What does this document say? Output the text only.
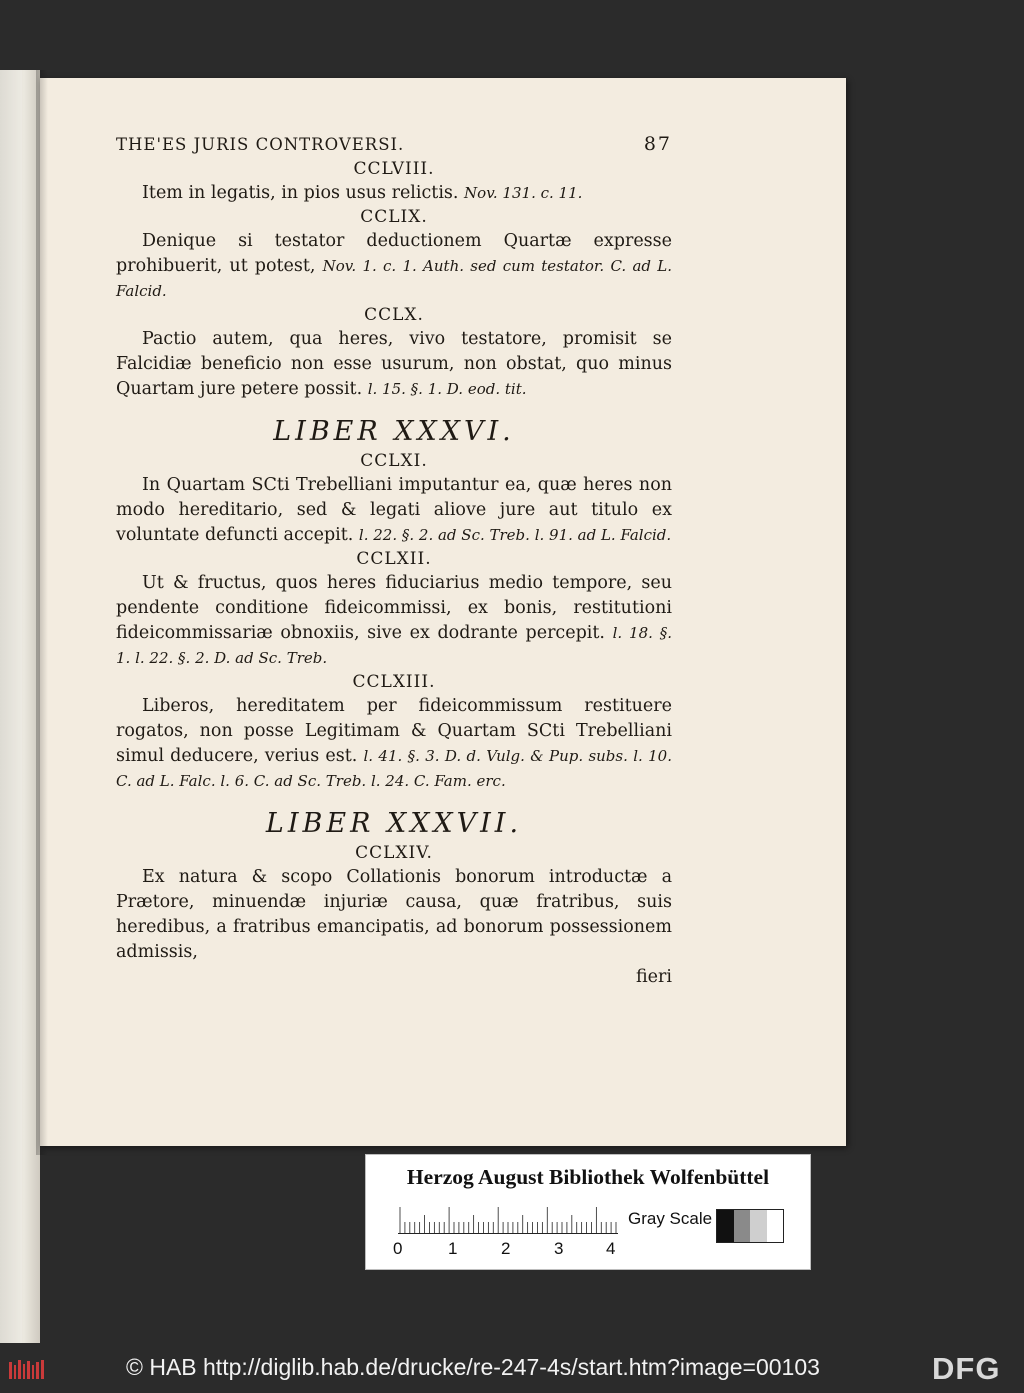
THE'ES JURIS CONTROVERSI.	87
CCLVIII.

Item in legatis, in pios usus relictis. Nov. 131. c. 11.

CCLIX.

Denique si testator deductionem Quartæ expresse prohibuerit, ut potest, Nov. 1. c. 1. Auth. sed cum testator. C. ad L. Falcid.

CCLX.

Pactio autem, qua heres, vivo testatore, promisit se Falcidiæ beneficio non esse usurum, non obstat, quo minus Quartam jure petere possit. l. 15. §. 1. D. eod. tit.

LIBER XXXVI.
CCLXI.

In Quartam SCti Trebelliani imputantur ea, quæ heres non modo hereditario, sed & legati aliove jure aut titulo ex voluntate defuncti accepit. l. 22. §. 2. ad Sc. Treb. l. 91. ad L. Falcid.

CCLXII.

Ut & fructus, quos heres fiduciarius medio tempore, seu pendente conditione fideicommissi, ex bonis, restitutioni fideicommissariæ obnoxiis, sive ex dodrante percepit. l. 18. §. 1. l. 22. §. 2. D. ad Sc. Treb.

CCLXIII.

Liberos, hereditatem per fideicommissum restituere rogatos, non posse Legitimam & Quartam SCti Trebelliani simul deducere, verius est. l. 41. §. 3. D. d. Vulg. & Pup. subs. l. 10. C. ad L. Falc. l. 6. C. ad Sc. Treb. l. 24. C. Fam. erc.

LIBER XXXVII.
CCLXIV.

Ex natura & scopo Collationis bonorum introductæ a Prætore, minuendæ injuriæ causa, quæ fratribus, suis heredibus, a fratribus emancipatis, ad bonorum possessionem admissis,

fieri

Herzog August Bibliothek Wolfenbüttel
0	1	2	3	4
Gray Scale
© HAB http://diglib.hab.de/drucke/re-247-4s/start.htm?image=00103	DFG
